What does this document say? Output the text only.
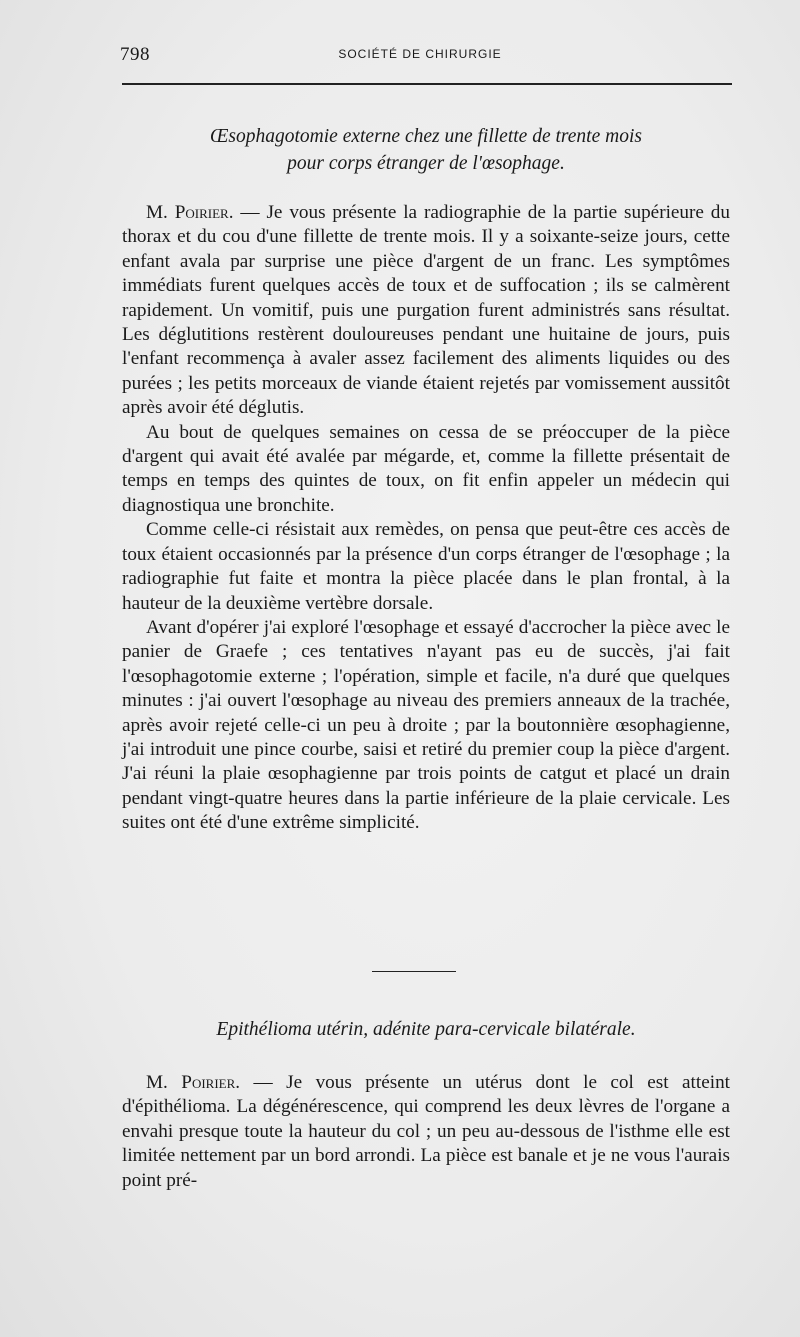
798	SOCIÉTÉ DE CHIRURGIE
Œsophagotomie externe chez une fillette de trente mois
pour corps étranger de l'œsophage.

M. Poirier. — Je vous présente la radiographie de la partie supérieure du thorax et du cou d'une fillette de trente mois. Il y a soixante-seize jours, cette enfant avala par surprise une pièce d'argent de un franc. Les symptômes immédiats furent quelques accès de toux et de suffocation ; ils se calmèrent rapidement. Un vomitif, puis une purgation furent administrés sans résultat. Les déglutitions restèrent douloureuses pendant une huitaine de jours, puis l'enfant recommença à avaler assez facilement des aliments liquides ou des purées ; les petits morceaux de viande étaient rejetés par vomissement aussitôt après avoir été déglutis.

Au bout de quelques semaines on cessa de se préoccuper de la pièce d'argent qui avait été avalée par mégarde, et, comme la fillette présentait de temps en temps des quintes de toux, on fit enfin appeler un médecin qui diagnostiqua une bronchite.

Comme celle-ci résistait aux remèdes, on pensa que peut-être ces accès de toux étaient occasionnés par la présence d'un corps étranger de l'œsophage ; la radiographie fut faite et montra la pièce placée dans le plan frontal, à la hauteur de la deuxième vertèbre dorsale.

Avant d'opérer j'ai exploré l'œsophage et essayé d'accrocher la pièce avec le panier de Graefe ; ces tentatives n'ayant pas eu de succès, j'ai fait l'œsophagotomie externe ; l'opération, simple et facile, n'a duré que quelques minutes : j'ai ouvert l'œsophage au niveau des premiers anneaux de la trachée, après avoir rejeté celle-ci un peu à droite ; par la boutonnière œsophagienne, j'ai introduit une pince courbe, saisi et retiré du premier coup la pièce d'argent. J'ai réuni la plaie œsophagienne par trois points de catgut et placé un drain pendant vingt-quatre heures dans la partie inférieure de la plaie cervicale. Les suites ont été d'une extrême simplicité.

Epithélioma utérin, adénite para-cervicale bilatérale.

M. Poirier. — Je vous présente un utérus dont le col est atteint d'épithélioma. La dégénérescence, qui comprend les deux lèvres de l'organe a envahi presque toute la hauteur du col ; un peu au-dessous de l'isthme elle est limitée nettement par un bord arrondi. La pièce est banale et je ne vous l'aurais point pré-
